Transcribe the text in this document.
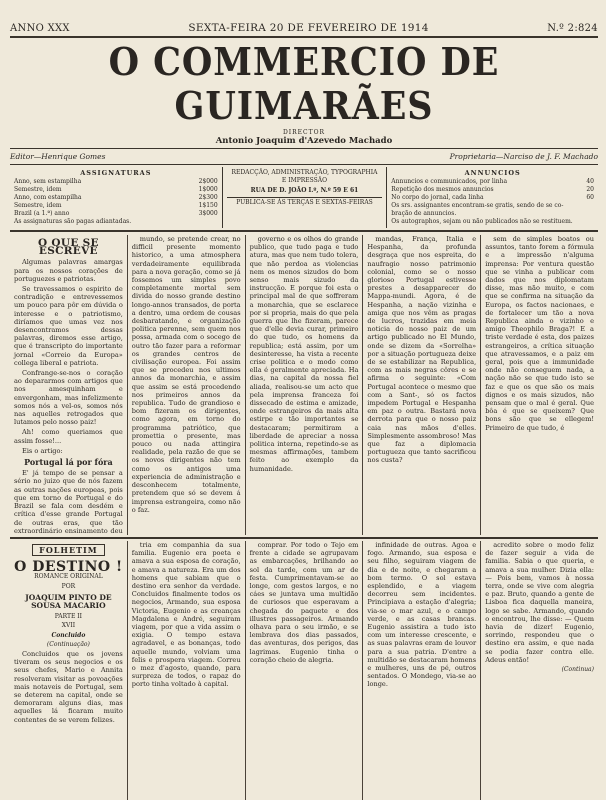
ANNO XXX	SEXTA-FEIRA 20 DE FEVEREIRO DE 1914	N.º 2:824
O COMMERCIO DE GUIMARÃES
DIRECTOR
Antonio Joaquim d'Azevedo Machado
Editor—Henrique Gomes	Proprietaria—Narciso de J. F. Machado
ASSIGNATURAS
Anno, sem estampilha	2$000
Semestre, idem	1$000
Anno, com estampilha	2$300
Semestre, idem	1$150
Brazil (a 1.ª) anno	3$000
As assignaturas são pagas adiantadas.
REDACÇÃO, ADMINISTRAÇÃO, TYPOGRAPHIA
E IMPRESSÃO
RUA DE D. JOÃO I.º, N.º 59 E 61
PUBLICA-SE ÁS TERÇAS E SEXTAS-FEIRAS
ANNUNCIOS
Annuncios e communicados, por linha	40
Repetição dos mesmos annuncios	20
No corpo do jornal, cada linha	60
Os srs. assignantes encontram-se gratis, sendo de se co-
bração de annuncios.
Os autographos, sejam ou não publicados não se restituem.
O QUE SE ESCREVE

Algumas palavras amargas para os nossos corações de portuguezes e patriotas.

Se travessamos o espirito de contradição e entrevessemos um pouco para pôr em dúvida o interesse e o patriotismo, diríamos que umas vez nos desencontramos dessas palavras, diremos esse artigo, que é transcripto do importante jornal «Correio da Europa» collega liberal e patriota.

Confrange-se-nos o coração ao depararmos com artigos que nos amesquinham e envergonham, mas infelizmente somos nós a vel-os, somos nós nas aquelles retrogados que lutamos pelo nosso paiz!

Ah! como queriamos que assim fosse!...

Eis o artigo:

Portugal lá por fóra

E' já tempo de se pensar a sério no juizo que de nós fazem as outras nações europeas, pois que em torno de Portugal e do Brazil se fala com desdém e crítica d'esse grande Portugal de outras eras, que tão extraordinário ensinamento deu

mundo, se pretende crear, no difficil presente momento historico, a uma atmosphera verdadeiramente equilibrada para a nova geração, como se já fossemos um simples povo completamente mortal sem divida do nosso grande destino longo-annos transados, de porta a dentro, uma ordem de cousas desbaratando, e organização politica perenne, sem quem nos possa, armada com o socego de outro tão fazer para a reformar os grandes centros de civilisação europea. Foi assim que se procedeu nos ultimos annos da monarchia, e assim que assim se está procedendo nos primeiros annos da republica. Tudo de grandioso e bom fizeram os dirigentes, como agora, em torno do programma patriótico, que promettia o presente, mas pouco ou nada attingira realidade, pela razão de que se os novos dirigentes não tem como os antigos uma experiencia de administração e desconhecem totalmente, pretendem que só se devem á imprensa estrangeira, como não o faz.

governo e os olhos do grande publico, que tudo paga e tudo atura, mas que nem tudo tolera, que não perdoa as violencias nem os menos sizudos do bom senso mais sizudo da instrucção. E porque foi esta o principal mal de que soffreram a monarchia, que se esclarece por si propria, mais do que pela guerra que lhe fizeram, parece que d'elle devia curar, primeiro do que tudo, os homens da republica; está assim, por um desinteresse, ha vista a recente crise politica e o modo como ella é geralmente apreciada. Ha dias, na capital da nossa fiel aliada, realisou-se um acto que pela imprensa franceza foi dissecado de estima e amizade, onde estrangeiros da mais alta estirpe e tão importantes se destacaram; permitiram a liberdade de apreciar a nossa politica interna, repetindo-se as mesmas affirmações, tambem feito ao exemplo da humanidade.

mandas, França, Italia e Hespanha, da profunda desgraça que nos espreita, do naufragio nosso patrimonio colonial, como se o nosso glorioso Portugal estivesse prestes a desapparecer do Mappa-mundi. Agora, é de Hespanha, a nação vizinha e amiga que nos vêm as pragas de lucros, trazidas em meia noticia do nosso paiz de um artigo publicado no El Mundo, onde se dizem da «Sorrelha» por a situação portugueza deixe de se estabilizar na Republica, com as mais negras côres e se afirma o seguinte: «Com Portugal acontece o mesmo que com a Sant-, só os factos impedem Portugal e Hespanha em paz o outra. Bastará nova derrota para que o nosso paiz caia nas mãos d'elles. Simplesmente assombroso! Mas que faz a diplomacia portugueza que tanto sacrificou nos custa?

sem de simples boatos ou assuntos, tanto forem a fórmula e a impressão n'alguma imprensa: Por ventura questão que se vinha a publicar com dados que nos diplomatam disse, mas não muito, e com que se confirma na situação da Europa, os factos nacionaes, e de fortalecer um tão a nova Republica ainda o vizinho e amigo Theophilo Braga?! E a triste verdade é esta, dos paizes estrangeiros, a crítica situação que atravessamos, e a paiz em geral, pois que a immunidade onde não conseguem nada, a nação não se que tudo isto se faz e que os que são os mais dignos e os mais sizudos, não pensam que o mal é geral. Que bôa é que se queixem? Que bons são que se ellegem! Primeiro de que tudo, é

FOLHETIM
O DESTINO !
ROMANCE ORIGINAL
POR
JOAQUIM PINTO DE SOUSA MACARIO
PARTE II
XVII
Concluido
(Continuação)

Concluidos que os jovens tiveram os seus negocios e os seus chefes, Mario e Annita resolveram visitar as povoações mais notaveis de Portugal, sem se deterem na capital, onde se demoraram alguns dias, mas aquelles lá ficaram muito contentes de se verem felizes.

tria em companhia da sua familia. Eugenio era poeta e amava a sua esposa de coração, e amava a natureza. Era um dos homens que sabiam que o destino era senhor da verdade. Concluidos finalmente todos os negocios, Armando, sua esposa Victoria, Eugenio e as creanças Magdalena e André, seguiram viagem, por que a vida assim o exigia. O tempo estava agradavel, e as bonanças, todo aquelle mundo, volviam uma felis e prospera viagem. Correu o mez d'agosto, quando, para surpreza de todos, o rapaz do porto tinha voltado à capital.

comprar. Por todo o Tejo em frente a cidade se agrupavam as embarcações, brilhando ao sol da tarde, com um ar de festa. Cumprimentavam-se ao longe, com gestos largos, e no cáes se juntava uma multidão de curiosos que esperavam a chegada do paquete e dos illustres passageiros. Armando olhava para o seu irmão, e se lembrava dos dias passados, das aventuras, dos perigos, das lagrimas. Eugenio tinha o coração cheio de alegria.

infinidade de outras. Agoa e fogo. Armando, sua esposa e seu filho, seguiram viagem de dia e de noite, e chegaram a bom termo. O sol estava esplendido, e a viagem decorreu sem incidentes. Principiava a estação d'alegria; via-se o mar azul, e o campo verde, e as casas brancas. Eugenio assistira a tudo isto com um interesse crescente, e as suas palavras eram de louvor para a sua patria. D'entre a multidão se destacaram homens e mulheres, uns de pé, outros sentados. O Mondego, via-se ao longe.

acredito sobre o modo feliz de fazer seguir a vida de familia. Sabia o que queria, e amava a sua mulher. Dizia ella: — Pois bem, vamos à nossa terra, onde se vive com alegria e paz. Bruto, quando a gente de Lisboa fica daquella maneira, logo se sabe. Armando, quando o encontrou, lhe disse: — Quem havia de dizer! Eugenio, sorrindo, respondeu que o destino era assim, e que nada se podia fazer contra elle. Adeus então!

(Continua)
